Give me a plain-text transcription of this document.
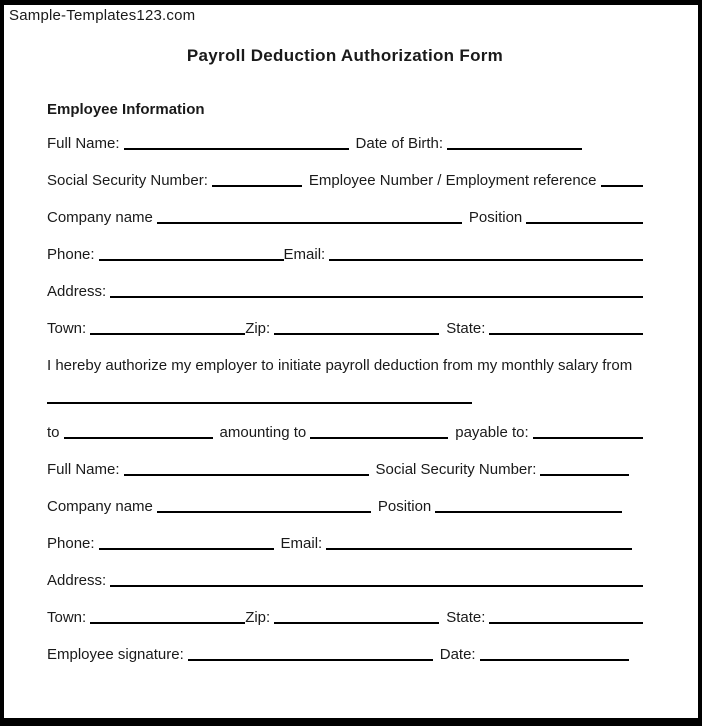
Sample-Templates123.com
Payroll Deduction Authorization Form
Employee Information
Full Name:	Date of Birth:
Social Security Number:	Employee Number / Employment reference
Company name	Position
Phone:	Email:
Address:
Town:	Zip:	State:
I hereby authorize my employer to initiate payroll deduction from my monthly salary from
to	amounting to	payable to:
Full Name:	Social Security Number:
Company name	Position
Phone:	Email:
Address:
Town:	Zip:	State:
Employee signature:	Date:
